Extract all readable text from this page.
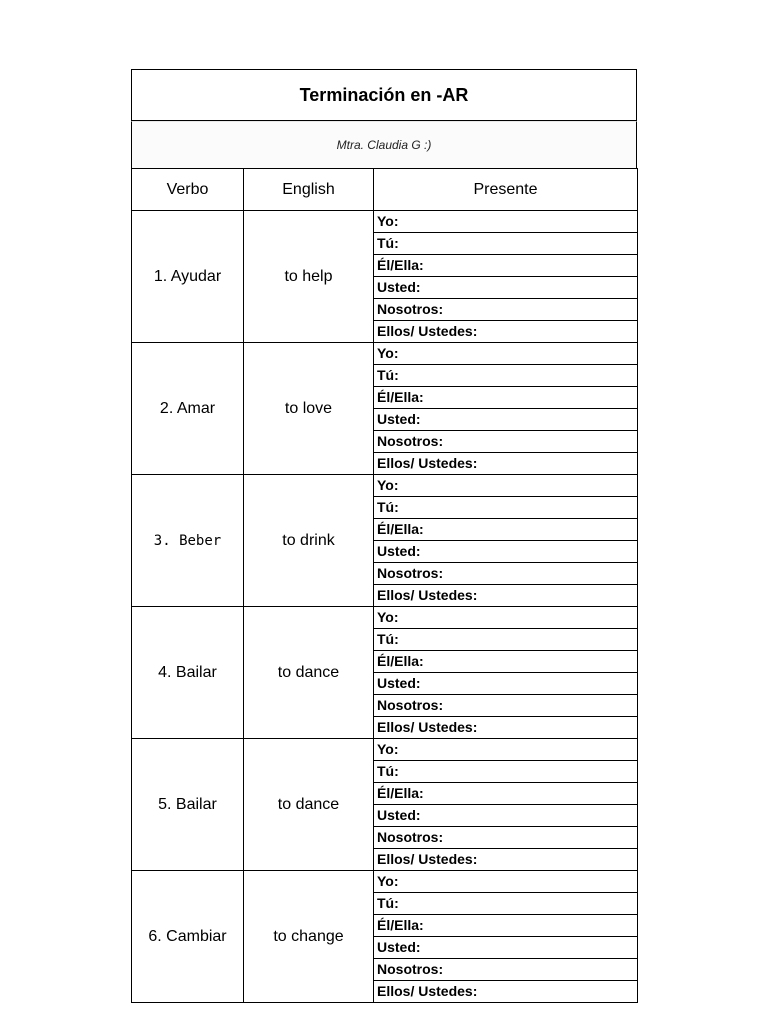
Terminación en -AR
Mtra. Claudia G :)
Verbo	English	Presente
1. Ayudar	to help	Yo:
		Tú:
		Él/Ella:
		Usted:
		Nosotros:
		Ellos/ Ustedes:
2. Amar	to love	Yo:
		Tú:
		Él/Ella:
		Usted:
		Nosotros:
		Ellos/ Ustedes:
3. Beber	to drink	Yo:
		Tú:
		Él/Ella:
		Usted:
		Nosotros:
		Ellos/ Ustedes:
4. Bailar	to dance	Yo:
		Tú:
		Él/Ella:
		Usted:
		Nosotros:
		Ellos/ Ustedes:
5. Bailar	to dance	Yo:
		Tú:
		Él/Ella:
		Usted:
		Nosotros:
		Ellos/ Ustedes:
6. Cambiar	to change	Yo:
		Tú:
		Él/Ella:
		Usted:
		Nosotros:
		Ellos/ Ustedes:
